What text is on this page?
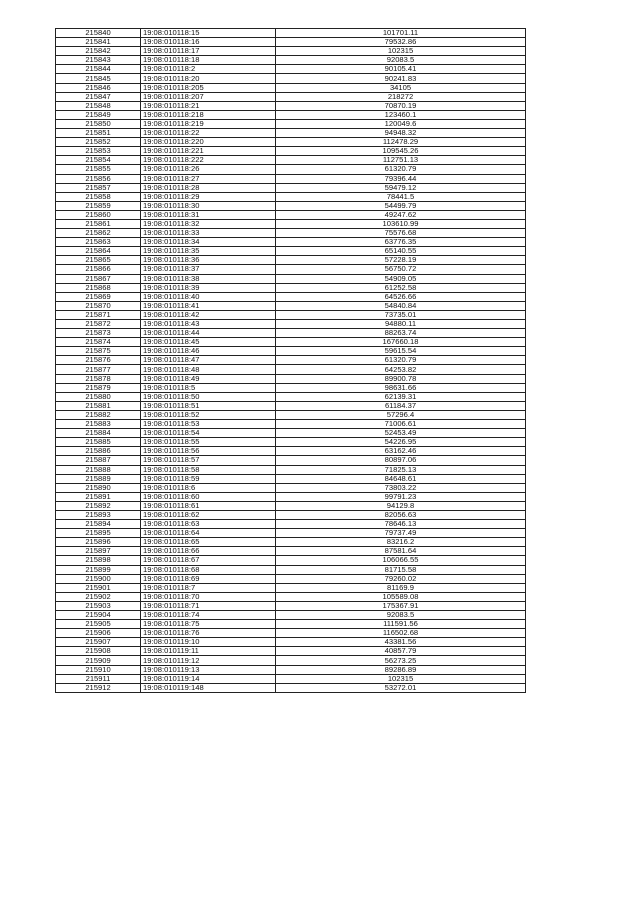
215840	19:08:010118:15	101701.11
215841	19:08:010118:16	79532.86
215842	19:08:010118:17	102315
215843	19:08:010118:18	92083.5
215844	19:08:010118:2	90105.41
215845	19:08:010118:20	90241.83
215846	19:08:010118:205	34105
215847	19:08:010118:207	218272
215848	19:08:010118:21	70870.19
215849	19:08:010118:218	123460.1
215850	19:08:010118:219	120049.6
215851	19:08:010118:22	94948.32
215852	19:08:010118:220	112478.29
215853	19:08:010118:221	109545.26
215854	19:08:010118:222	112751.13
215855	19:08:010118:26	61320.79
215856	19:08:010118:27	79396.44
215857	19:08:010118:28	59479.12
215858	19:08:010118:29	78441.5
215859	19:08:010118:30	54499.79
215860	19:08:010118:31	49247.62
215861	19:08:010118:32	103610.99
215862	19:08:010118:33	75576.68
215863	19:08:010118:34	63776.35
215864	19:08:010118:35	65140.55
215865	19:08:010118:36	57228.19
215866	19:08:010118:37	56750.72
215867	19:08:010118:38	54909.05
215868	19:08:010118:39	61252.58
215869	19:08:010118:40	64526.66
215870	19:08:010118:41	54840.84
215871	19:08:010118:42	73735.01
215872	19:08:010118:43	94880.11
215873	19:08:010118:44	88263.74
215874	19:08:010118:45	167660.18
215875	19:08:010118:46	59615.54
215876	19:08:010118:47	61320.79
215877	19:08:010118:48	64253.82
215878	19:08:010118:49	89900.78
215879	19:08:010118:5	98631.66
215880	19:08:010118:50	62139.31
215881	19:08:010118:51	61184.37
215882	19:08:010118:52	57296.4
215883	19:08:010118:53	71006.61
215884	19:08:010118:54	52453.49
215885	19:08:010118:55	54226.95
215886	19:08:010118:56	63162.46
215887	19:08:010118:57	80897.06
215888	19:08:010118:58	71825.13
215889	19:08:010118:59	84648.61
215890	19:08:010118:6	73803.22
215891	19:08:010118:60	99791.23
215892	19:08:010118:61	94129.8
215893	19:08:010118:62	82056.63
215894	19:08:010118:63	78646.13
215895	19:08:010118:64	79737.49
215896	19:08:010118:65	83216.2
215897	19:08:010118:66	87581.64
215898	19:08:010118:67	106066.55
215899	19:08:010118:68	81715.58
215900	19:08:010118:69	79260.02
215901	19:08:010118:7	81169.9
215902	19:08:010118:70	105589.08
215903	19:08:010118:71	175367.91
215904	19:08:010118:74	92083.5
215905	19:08:010118:75	111591.56
215906	19:08:010118:76	116502.68
215907	19:08:010119:10	43381.56
215908	19:08:010119:11	40857.79
215909	19:08:010119:12	56273.25
215910	19:08:010119:13	89286.89
215911	19:08:010119:14	102315
215912	19:08:010119:148	53272.01
